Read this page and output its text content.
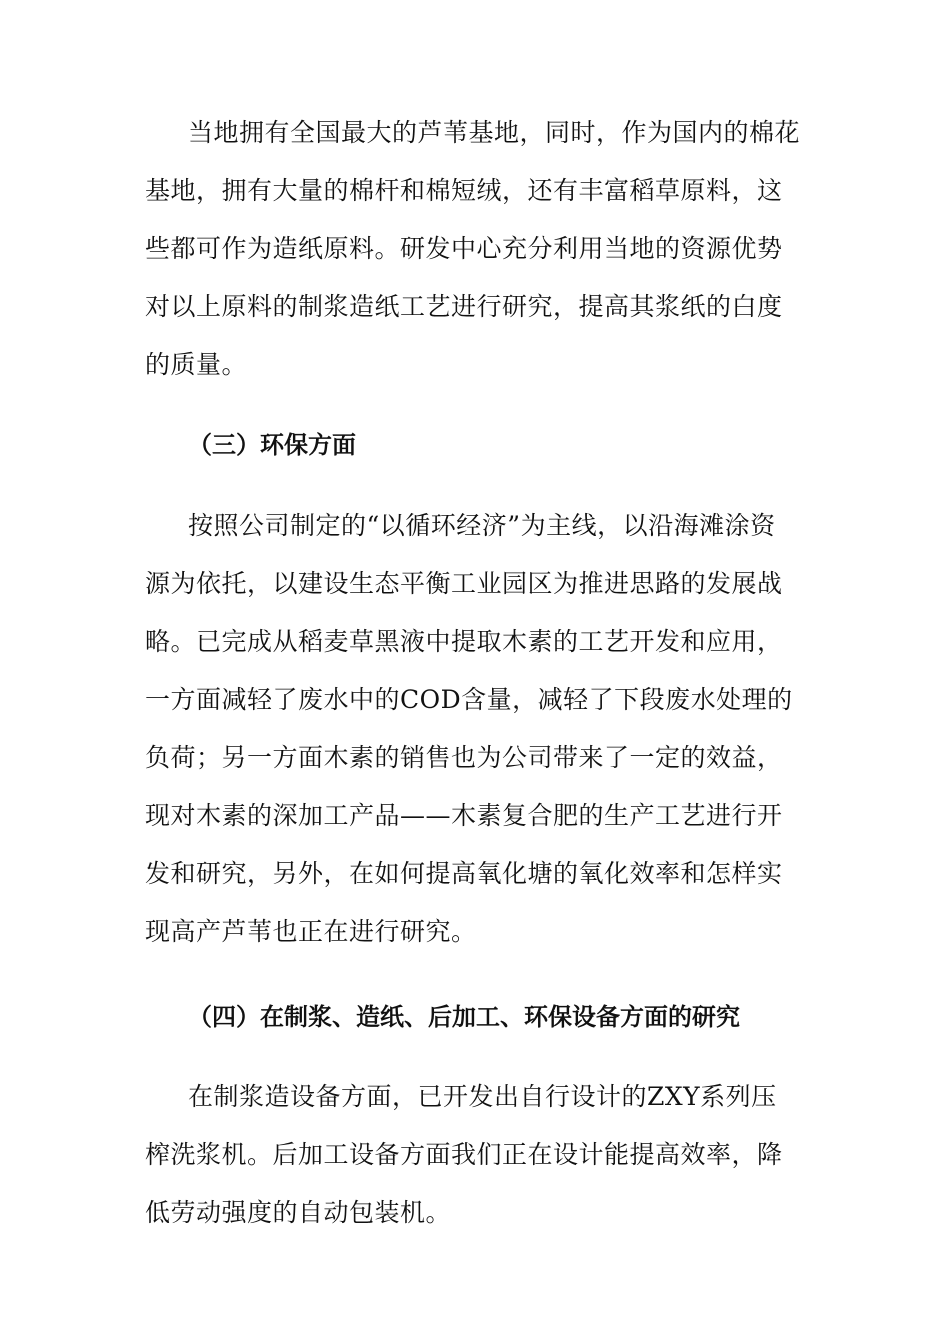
当地拥有全国最大的芦苇基地，同时，作为国内的棉花
基地，拥有大量的棉杆和棉短绒，还有丰富稻草原料，这
些都可作为造纸原料。研发中心充分利用当地的资源优势
对以上原料的制浆造纸工艺进行研究，提高其浆纸的白度
的质量。
（三）环保方面
按照公司制定的“以循环经济”为主线，以沿海滩涂资
源为依托，以建设生态平衡工业园区为推进思路的发展战
略。已完成从稻麦草黑液中提取木素的工艺开发和应用，
一方面减轻了废水中的COD含量，减轻了下段废水处理的
负荷；另一方面木素的销售也为公司带来了一定的效益，
现对木素的深加工产品——木素复合肥的生产工艺进行开
发和研究，另外，在如何提高氧化塘的氧化效率和怎样实
现高产芦苇也正在进行研究。
（四）在制浆、造纸、后加工、环保设备方面的研究
在制浆造设备方面，已开发出自行设计的ZXY系列压
榨洗浆机。后加工设备方面我们正在设计能提高效率，降
低劳动强度的自动包装机。
